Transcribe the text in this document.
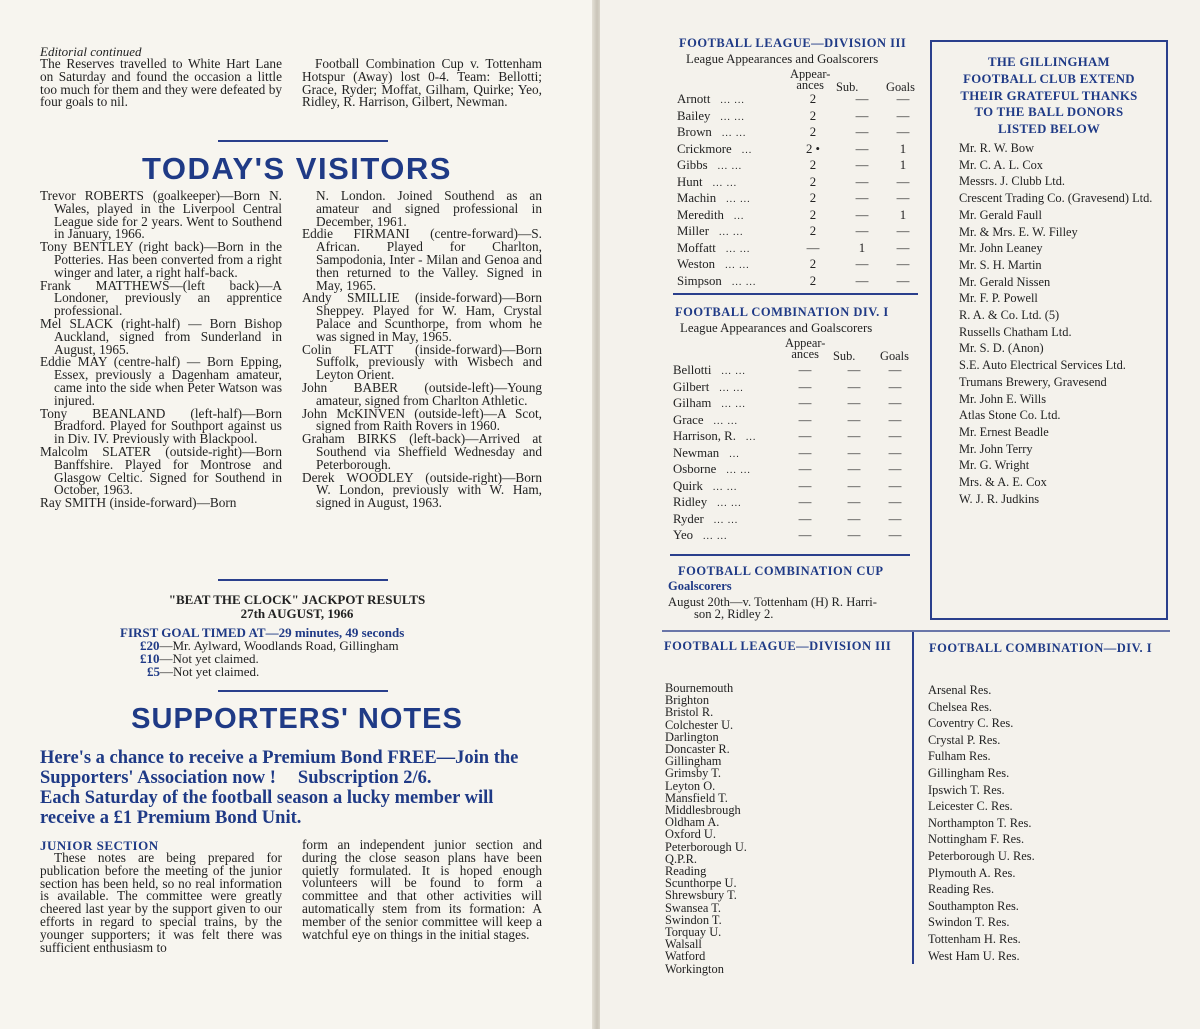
Editorial continued
The Reserves travelled to White Hart Lane on Saturday and found the occasion a little too much for them and they were defeated by four goals to nil.
Football Combination Cup v. Tottenham Hotspur (Away) lost 0-4. Team: Bellotti; Grace, Ryder; Moffat, Gilham, Quirke; Yeo, Ridley, R. Harrison, Gilbert, Newman.
TODAY'S VISITORS

Trevor ROBERTS (goalkeeper)—Born N. Wales, played in the Liverpool Central League side for 2 years. Went to Southend in January, 1966.

Tony BENTLEY (right back)—Born in the Potteries. Has been converted from a right winger and later, a right half-back.

Frank MATTHEWS—(left back)—A Londoner, previously an apprentice professional.

Mel SLACK (right-half) — Born Bishop Auckland, signed from Sunderland in August, 1965.

Eddie MAY (centre-half) — Born Epping, Essex, previously a Dagenham amateur, came into the side when Peter Watson was injured.

Tony BEANLAND (left-half)—Born Bradford. Played for Southport against us in Div. IV. Previously with Blackpool.

Malcolm SLATER (outside-right)—Born Banffshire. Played for Montrose and Glasgow Celtic. Signed for Southend in October, 1963.

Ray SMITH (inside-forward)—Born

N. London. Joined Southend as an amateur and signed professional in December, 1961.

Eddie FIRMANI (centre-forward)—S. African. Played for Charlton, Sampodonia, Inter - Milan and Genoa and then returned to the Valley. Signed in May, 1965.

Andy SMILLIE (inside-forward)—Born Sheppey. Played for W. Ham, Crystal Palace and Scunthorpe, from whom he was signed in May, 1965.

Colin FLATT (inside-forward)—Born Suffolk, previously with Wisbech and Leyton Orient.

John BABER (outside-left)—Young amateur, signed from Charlton Athletic.

John McKINVEN (outside-left)—A Scot, signed from Raith Rovers in 1960.

Graham BIRKS (left-back)—Arrived at Southend via Sheffield Wednesday and Peterborough.

Derek WOODLEY (outside-right)—Born W. London, previously with W. Ham, signed in August, 1963.

"BEAT THE CLOCK" JACKPOT RESULTS
27th AUGUST, 1966
FIRST GOAL TIMED AT—29 minutes, 49 seconds
£20—Mr. Aylward, Woodlands Road, Gillingham
£10—Not yet claimed.
£5—Not yet claimed.
SUPPORTERS' NOTES
Here's a chance to receive a Premium Bond FREE—Join the
Supporters' Association now ! Subscription 2/6.
Each Saturday of the football season a lucky member will
receive a £1 Premium Bond Unit.
JUNIOR SECTION
These notes are being prepared for publication before the meeting of the junior section has been held, so no real information is available. The committee were greatly cheered last year by the support given to our efforts in regard to special trains, by the younger supporters; it was felt there was sufficient enthusiasm to
form an independent junior section and during the close season plans have been quietly formulated. It is hoped enough volunteers will be found to form a committee and that other activities will automatically stem from its formation: A member of the senior committee will keep a watchful eye on things in the initial stages.
FOOTBALL LEAGUE—DIVISION III
League Appearances and Goalscorers
Appear-
ances Sub. Goals
Arnott ... ...	2	—	—
Bailey ... ...	2	—	—
Brown ... ...	2	—	—
Crickmore ...	2 •	—	1
Gibbs ... ...	2	—	1
Hunt ... ...	2	—	—
Machin ... ...	2	—	—
Meredith ...	2	—	1
Miller ... ...	2	—	—
Moffatt ... ...	—	1	—
Weston ... ...	2	—	—
Simpson ... ...	2	—	—
FOOTBALL COMBINATION DIV. I
League Appearances and Goalscorers
Appear-
ances	Sub. Goals
Bellotti ... ...	—	—	—
Gilbert ... ...	—	—	—
Gilham ... ...	—	—	—
Grace ... ...	—	—	—
Harrison, R. ...	—	—	—
Newman ...	—	—	—
Osborne ... ...	—	—	—
Quirk ... ...	—	—	—
Ridley ... ...	—	—	—
Ryder ... ...	—	—	—
Yeo ... ...	—	—	—
FOOTBALL COMBINATION CUP
Goalscorers
August 20th—v. Tottenham (H) R. Harri-
son 2, Ridley 2.
THE GILLINGHAM
FOOTBALL CLUB EXTEND
THEIR GRATEFUL THANKS
TO THE BALL DONORS
LISTED BELOW
Mr. R. W. Bow
Mr. C. A. L. Cox
Messrs. J. Clubb Ltd.
Crescent Trading Co. (Gravesend) Ltd.
Mr. Gerald Faull
Mr. & Mrs. E. W. Filley
Mr. John Leaney
Mr. S. H. Martin
Mr. Gerald Nissen
Mr. F. P. Powell
R. A. & Co. Ltd. (5)
Russells Chatham Ltd.
Mr. S. D. (Anon)
S.E. Auto Electrical Services Ltd.
Trumans Brewery, Gravesend
Mr. John E. Wills
Atlas Stone Co. Ltd.
Mr. Ernest Beadle
Mr. John Terry
Mr. G. Wright
Mrs. & A. E. Cox
W. J. R. Judkins
FOOTBALL LEAGUE—DIVISION III
Bournemouth
Brighton
Bristol R.
Colchester U.
Darlington
Doncaster R.
Gillingham
Grimsby T.
Leyton O.
Mansfield T.
Middlesbrough
Oldham A.
Oxford U.
Peterborough U.
Q.P.R.
Reading
Scunthorpe U.
Shrewsbury T.
Swansea T.
Swindon T.
Torquay U.
Walsall
Watford
Workington
FOOTBALL COMBINATION—DIV. I
Arsenal Res.
Chelsea Res.
Coventry C. Res.
Crystal P. Res.
Fulham Res.
Gillingham Res.
Ipswich T. Res.
Leicester C. Res.
Northampton T. Res.
Nottingham F. Res.
Peterborough U. Res.
Plymouth A. Res.
Reading Res.
Southampton Res.
Swindon T. Res.
Tottenham H. Res.
West Ham U. Res.
